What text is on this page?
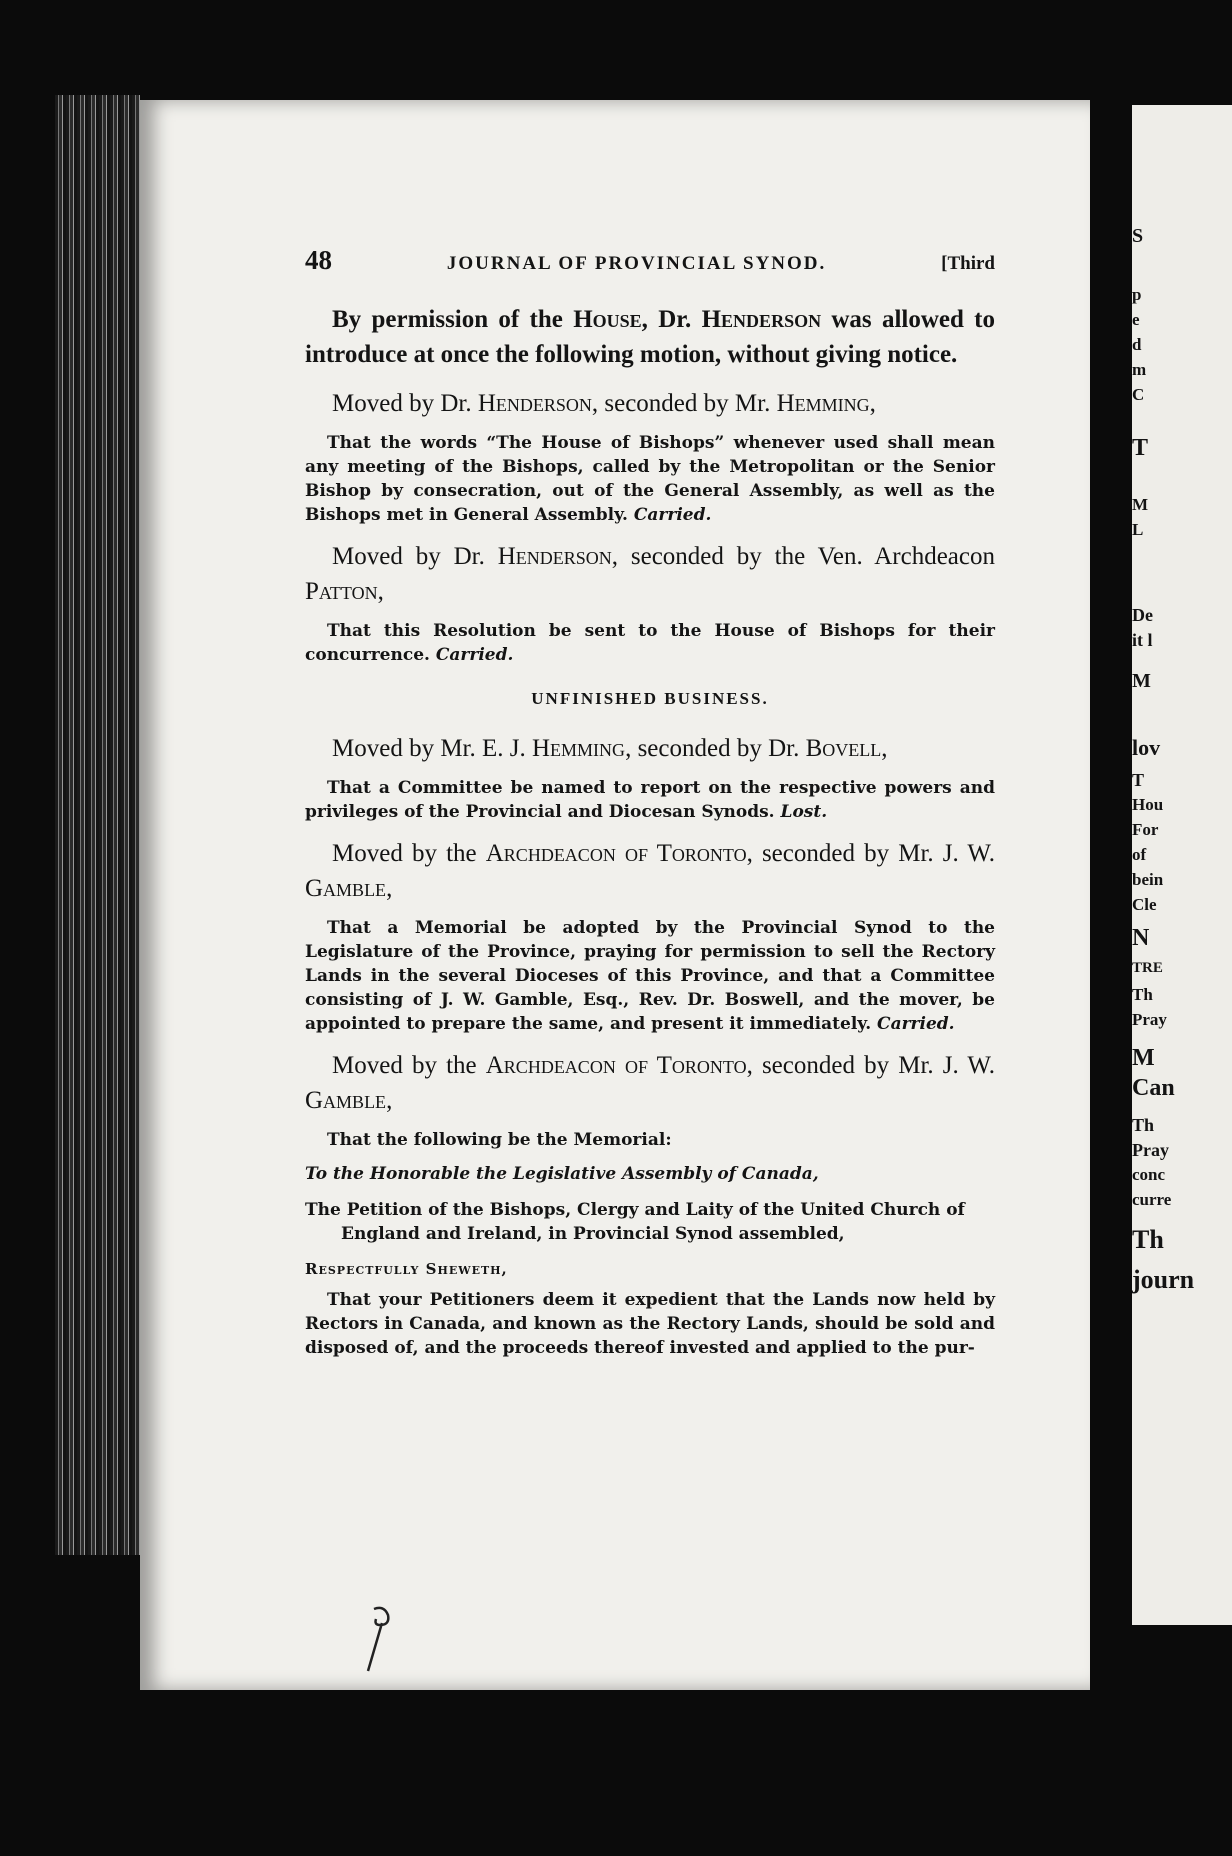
48	JOURNAL OF PROVINCIAL SYNOD.	[Third

By permission of the House, Dr. Henderson was allowed to introduce at once the following motion, without giving notice.

Moved by Dr. Henderson, seconded by Mr. Hemming,

That the words “The House of Bishops” whenever used shall mean any meeting of the Bishops, called by the Metropolitan or the Senior Bishop by consecration, out of the General Assembly, as well as the Bishops met in General Assembly. Carried.

Moved by Dr. Henderson, seconded by the Ven. Archdeacon Patton,

That this Resolution be sent to the House of Bishops for their concurrence. Carried.

UNFINISHED BUSINESS.

Moved by Mr. E. J. Hemming, seconded by Dr. Bovell,

That a Committee be named to report on the respective powers and privileges of the Provincial and Diocesan Synods. Lost.

Moved by the Archdeacon of Toronto, seconded by Mr. J. W. Gamble,

That a Memorial be adopted by the Provincial Synod to the Legislature of the Province, praying for permission to sell the Rectory Lands in the several Dioceses of this Province, and that a Committee consisting of J. W. Gamble, Esq., Rev. Dr. Boswell, and the mover, be appointed to prepare the same, and present it immediately. Carried.

Moved by the Archdeacon of Toronto, seconded by Mr. J. W. Gamble,

That the following be the Memorial:

To the Honorable the Legislative Assembly of Canada,

The Petition of the Bishops, Clergy and Laity of the United Church of England and Ireland, in Provincial Synod assembled,

Respectfully Sheweth,

That your Petitioners deem it expedient that the Lands now held by Rectors in Canada, and known as the Rectory Lands, should be sold and disposed of, and the proceeds thereof invested and applied to the pur-

S
p
e
d
m
C
T
M
L
De
it l
M
lov
T
Hou
For
of
bein
Cle
N
TRE
Th
Pray
M
Can
Th
Pray
conc
curre
Th
journ
